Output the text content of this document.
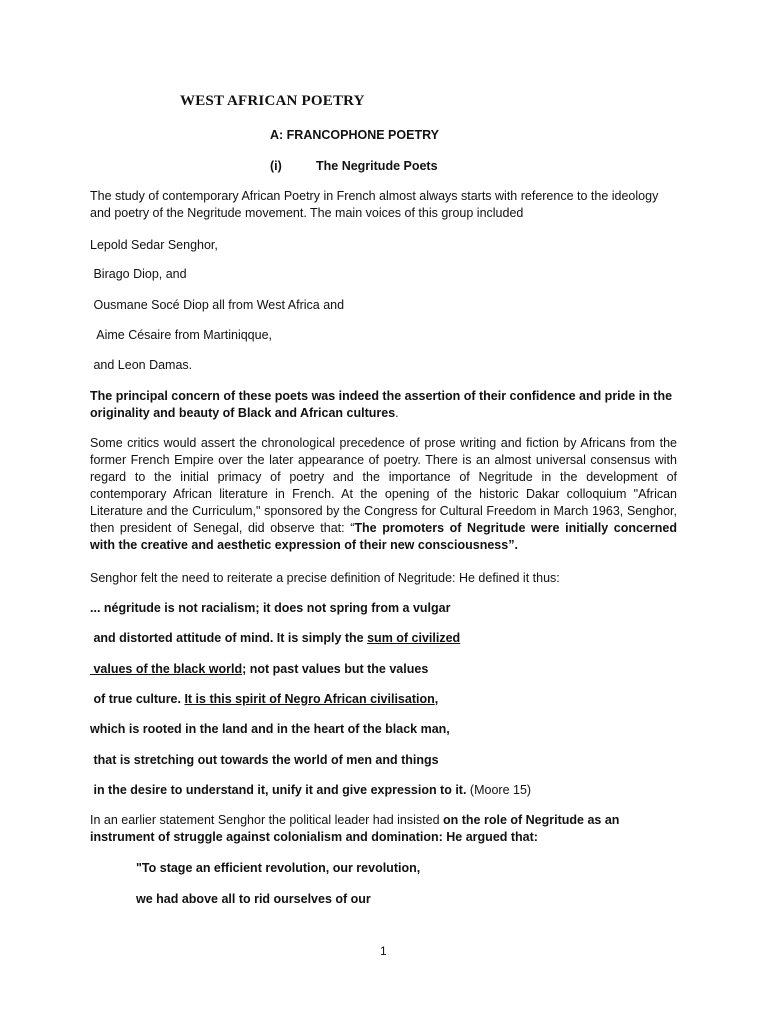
WEST AFRICAN POETRY
A: FRANCOPHONE POETRY
(i)	The Negritude Poets
The study of contemporary African Poetry in French almost always starts with reference to the ideology and poetry of the Negritude movement. The main voices of this group included
Lepold Sedar Senghor,
Birago Diop, and
Ousmane Socé Diop all from West Africa and
Aime Césaire from Martiniqque,
and Leon Damas.
The principal concern of these poets was indeed the assertion of their confidence and pride in the originality and beauty of Black and African cultures.
Some critics would assert the chronological precedence of prose writing and fiction by Africans from the former French Empire over the later appearance of poetry. There is an almost universal consensus with regard to the initial primacy of poetry and the importance of Negritude in the development of contemporary African literature in French. At the opening of the historic Dakar colloquium "African Literature and the Curriculum," sponsored by the Congress for Cultural Freedom in March 1963, Senghor, then president of Senegal, did observe that: “The promoters of Negritude were initially concerned with the creative and aesthetic expression of their new consciousness”.
Senghor felt the need to reiterate a precise definition of Negritude: He defined it thus:
... négritude is not racialism; it does not spring from a vulgar
and distorted attitude of mind. It is simply the sum of civilized
values of the black world; not past values but the values
of true culture. It is this spirit of Negro African civilisation,
which is rooted in the land and in the heart of the black man,
that is stretching out towards the world of men and things
in the desire to understand it, unify it and give expression to it. (Moore 15)
In an earlier statement Senghor the political leader had insisted on the role of Negritude as an instrument of struggle against colonialism and domination: He argued that:
"To stage an efficient revolution, our revolution,
we had above all to rid ourselves of our
1
